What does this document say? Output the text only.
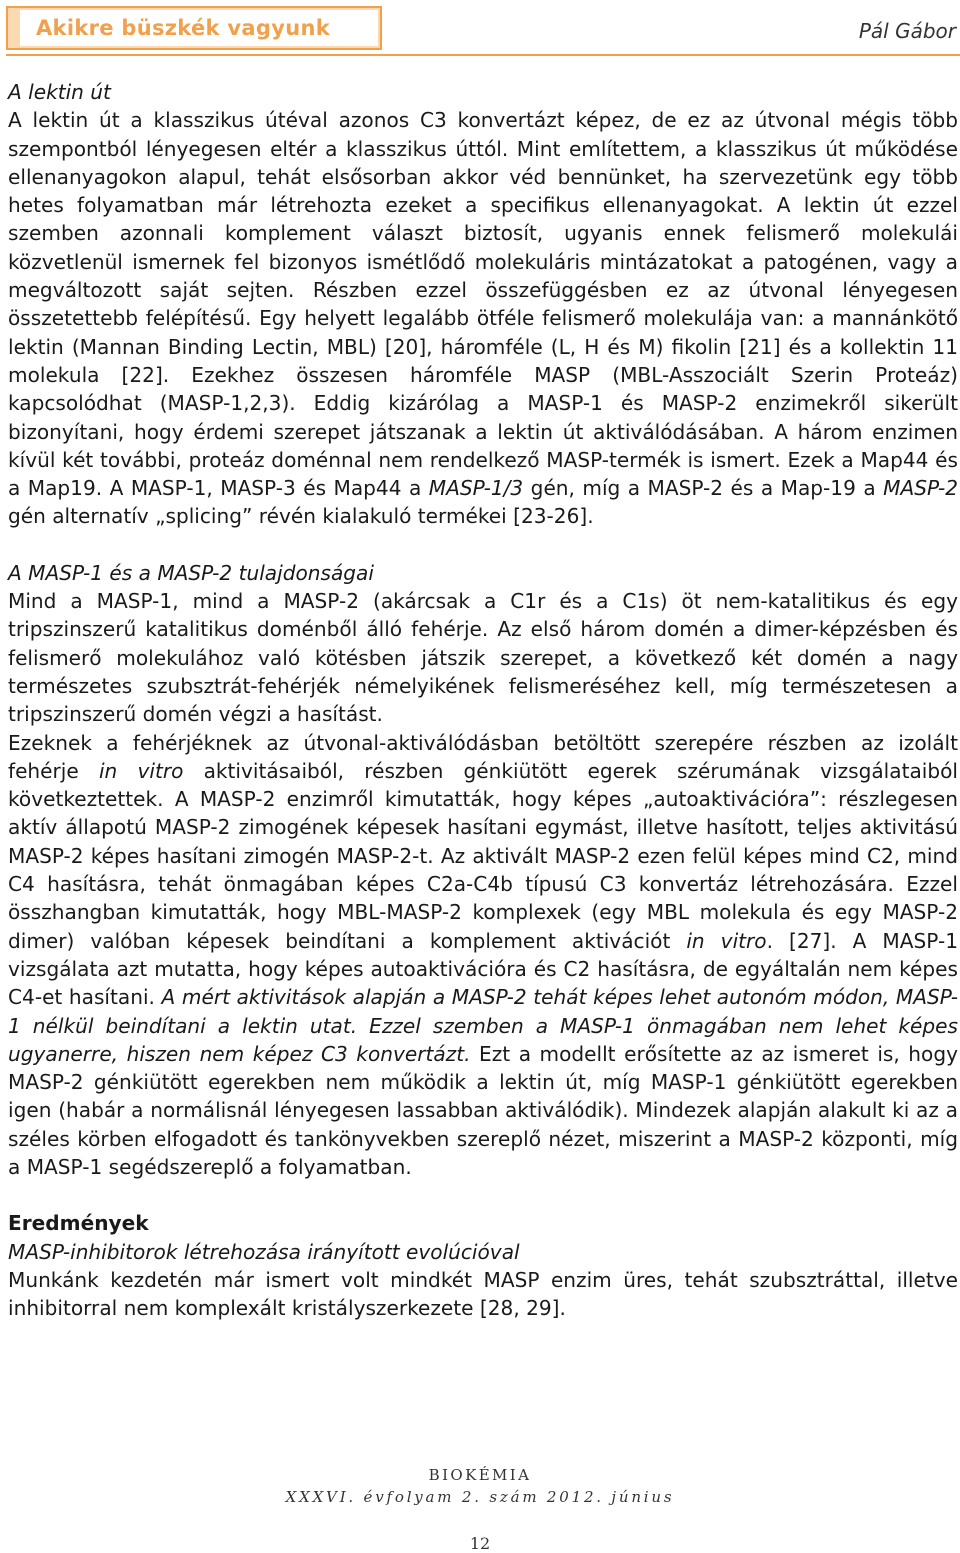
Akikre büszkék vagyunk	Pál Gábor

A lektin út

A lektin út a klasszikus útéval azonos C3 konvertázt képez, de ez az útvonal mégis több szempontból lényegesen eltér a klasszikus úttól. Mint említettem, a klasszikus út működése ellenanyagokon alapul, tehát elsősorban akkor véd bennünket, ha szervezetünk egy több hetes folyamatban már létrehozta ezeket a specifikus ellenanyagokat. A lektin út ezzel szemben azonnali komplement választ biztosít, ugyanis ennek felismerő molekulái közvetlenül ismernek fel bizonyos ismétlődő molekuláris mintázatokat a patogénen, vagy a megváltozott saját sejten. Részben ezzel összefüggésben ez az útvonal lényegesen összetettebb felépítésű. Egy helyett legalább ötféle felismerő molekulája van: a mannánkötő lektin (Mannan Binding Lectin, MBL) [20], háromféle (L, H és M) fikolin [21] és a kollektin 11 molekula [22]. Ezekhez összesen háromféle MASP (MBL-Asszociált Szerin Proteáz) kapcsolódhat (MASP-1,2,3). Eddig kizárólag a MASP-1 és MASP-2 enzimekről sikerült bizonyítani, hogy érdemi szerepet játszanak a lektin út aktiválódásában. A három enzimen kívül két további, proteáz doménnal nem rendelkező MASP-termék is ismert. Ezek a Map44 és a Map19. A MASP-1, MASP-3 és Map44 a MASP-1/3 gén, míg a MASP-2 és a Map-19 a MASP-2 gén alternatív „splicing” révén kialakuló termékei [23-26].

A MASP-1 és a MASP-2 tulajdonságai

Mind a MASP-1, mind a MASP-2 (akárcsak a C1r és a C1s) öt nem-katalitikus és egy tripszinszerű katalitikus doménből álló fehérje. Az első három domén a dimer-képzésben és felismerő molekulához való kötésben játszik szerepet, a következő két domén a nagy természetes szubsztrát-fehérjék némelyikének felismeréséhez kell, míg természetesen a tripszinszerű domén végzi a hasítást.

Ezeknek a fehérjéknek az útvonal-aktiválódásban betöltött szerepére részben az izolált fehérje in vitro aktivitásaiból, részben génkiütött egerek szérumának vizsgálataiból következtettek. A MASP-2 enzimről kimutatták, hogy képes „autoaktivációra”: részlegesen aktív állapotú MASP-2 zimogének képesek hasítani egymást, illetve hasított, teljes aktivitású MASP-2 képes hasítani zimogén MASP-2-t. Az aktivált MASP-2 ezen felül képes mind C2, mind C4 hasításra, tehát önmagában képes C2a-C4b típusú C3 konvertáz létrehozására. Ezzel összhangban kimutatták, hogy MBL-MASP-2 komplexek (egy MBL molekula és egy MASP-2 dimer) valóban képesek beindítani a komplement aktivációt in vitro. [27]. A MASP-1 vizsgálata azt mutatta, hogy képes autoaktivációra és C2 hasításra, de egyáltalán nem képes C4-et hasítani. A mért aktivitások alapján a MASP-2 tehát képes lehet autonóm módon, MASP-1 nélkül beindítani a lektin utat. Ezzel szemben a MASP-1 önmagában nem lehet képes ugyanerre, hiszen nem képez C3 konvertázt. Ezt a modellt erősítette az az ismeret is, hogy MASP-2 génkiütött egerekben nem működik a lektin út, míg MASP-1 génkiütött egerekben igen (habár a normálisnál lényegesen lassabban aktiválódik). Mindezek alapján alakult ki az a széles körben elfogadott és tankönyvekben szereplő nézet, miszerint a MASP-2 központi, míg a MASP-1 segédszereplő a folyamatban.

Eredmények

MASP-inhibitorok létrehozása irányított evolúcióval

Munkánk kezdetén már ismert volt mindkét MASP enzim üres, tehát szubsztráttal, illetve inhibitorral nem komplexált kristályszerkezete [28, 29].

BIOKÉMIA
XXXVI. évfolyam 2. szám 2012. június
12
